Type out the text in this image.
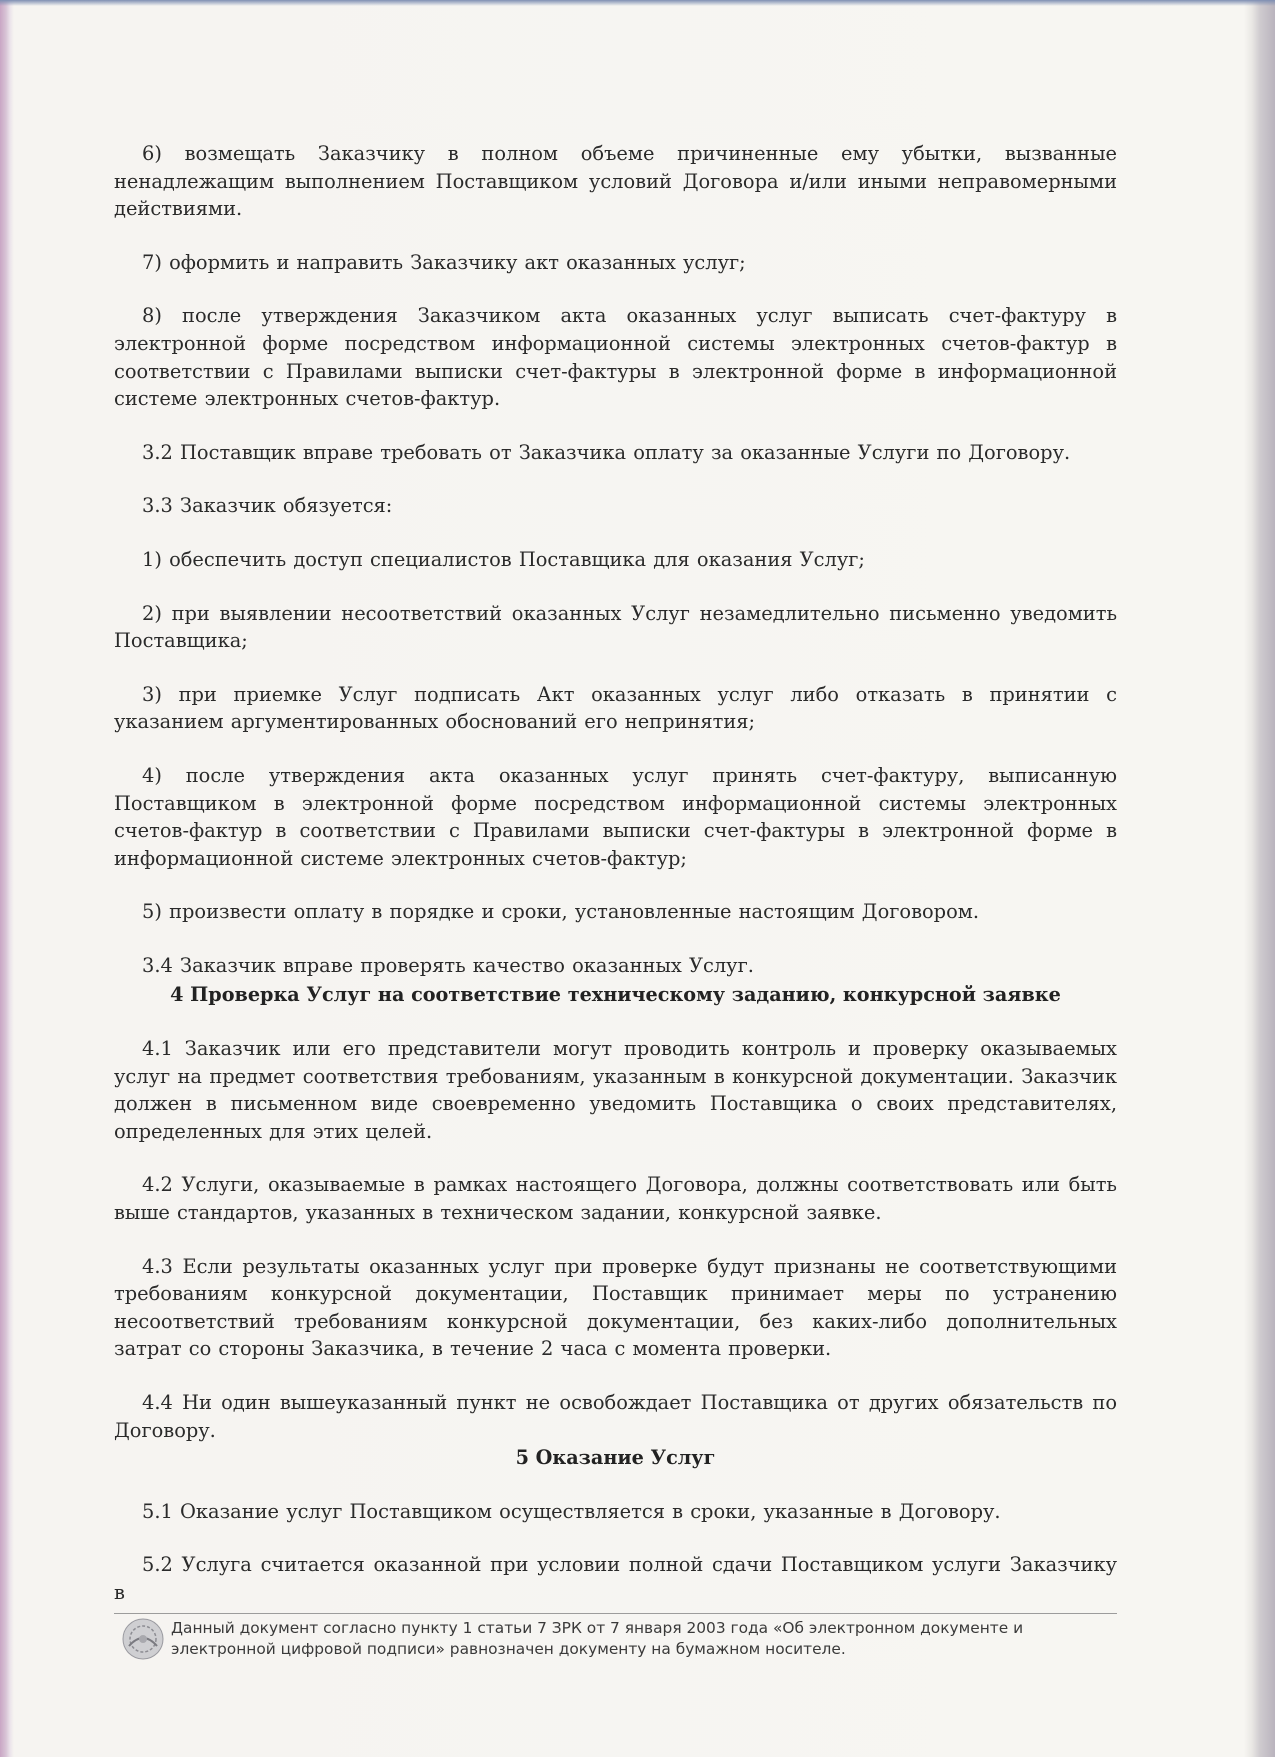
6) возмещать Заказчику в полном объеме причиненные ему убытки, вызванные ненадлежащим выполнением Поставщиком условий Договора и/или иными неправомерными действиями.

7) оформить и направить Заказчику акт оказанных услуг;

8) после утверждения Заказчиком акта оказанных услуг выписать счет-фактуру в электронной форме посредством информационной системы электронных счетов-фактур в соответствии с Правилами выписки счет-фактуры в электронной форме в информационной системе электронных счетов-фактур.

3.2 Поставщик вправе требовать от Заказчика оплату за оказанные Услуги по Договору.

3.3 Заказчик обязуется:

1) обеспечить доступ специалистов Поставщика для оказания Услуг;

2) при выявлении несоответствий оказанных Услуг незамедлительно письменно уведомить Поставщика;

3) при приемке Услуг подписать Акт оказанных услуг либо отказать в принятии с указанием аргументированных обоснований его непринятия;

4) после утверждения акта оказанных услуг принять счет-фактуру, выписанную Поставщиком в электронной форме посредством информационной системы электронных счетов-фактур в соответствии с Правилами выписки счет-фактуры в электронной форме в информационной системе электронных счетов-фактур;

5) произвести оплату в порядке и сроки, установленные настоящим Договором.

3.4 Заказчик вправе проверять качество оказанных Услуг.

4 Проверка Услуг на соответствие техническому заданию, конкурсной заявке

4.1 Заказчик или его представители могут проводить контроль и проверку оказываемых услуг на предмет соответствия требованиям, указанным в конкурсной документации. Заказчик должен в письменном виде своевременно уведомить Поставщика о своих представителях, определенных для этих целей.

4.2 Услуги, оказываемые в рамках настоящего Договора, должны соответствовать или быть выше стандартов, указанных в техническом задании, конкурсной заявке.

4.3 Если результаты оказанных услуг при проверке будут признаны не соответствующими требованиям конкурсной документации, Поставщик принимает меры по устранению несоответствий требованиям конкурсной документации, без каких-либо дополнительных затрат со стороны Заказчика, в течение 2 часа с момента проверки.

4.4 Ни один вышеуказанный пункт не освобождает Поставщика от других обязательств по Договору.

5 Оказание Услуг

5.1 Оказание услуг Поставщиком осуществляется в сроки, указанные в Договору.

5.2 Услуга считается оказанной при условии полной сдачи Поставщиком услуги Заказчику в

Данный документ согласно пункту 1 статьи 7 ЗРК от 7 января 2003 года «Об электронном документе и электронной цифровой подписи» равнозначен документу на бумажном носителе.
